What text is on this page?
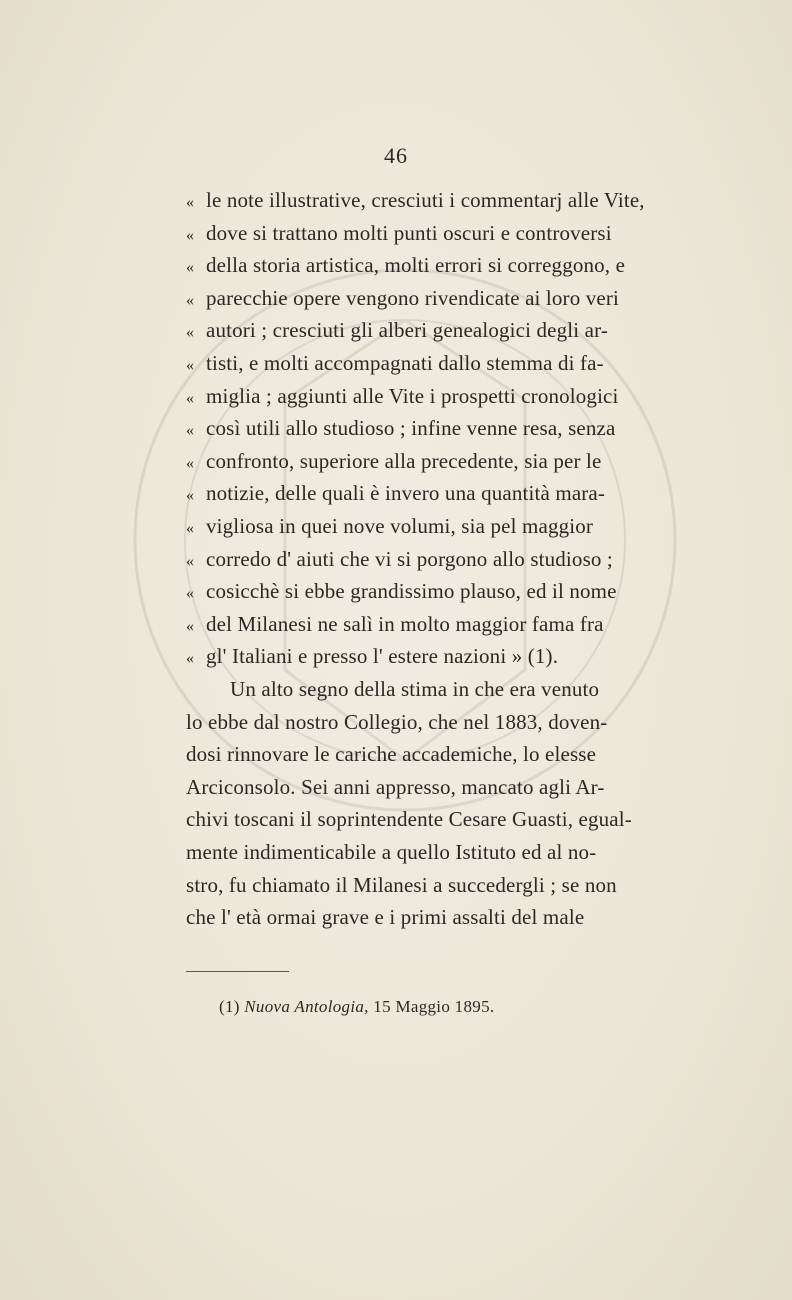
46
« le note illustrative, cresciuti i commentarj alle Vite,
« dove si trattano molti punti oscuri e controversi
« della storia artistica, molti errori si correggono, e
« parecchie opere vengono rivendicate ai loro veri
« autori ; cresciuti gli alberi genealogici degli ar-
« tisti, e molti accompagnati dallo stemma di fa-
« miglia ; aggiunti alle Vite i prospetti cronologici
« così utili allo studioso ; infine venne resa, senza
« confronto, superiore alla precedente, sia per le
« notizie, delle quali è invero una quantità mara-
« vigliosa in quei nove volumi, sia pel maggior
« corredo d' aiuti che vi si porgono allo studioso ;
« cosicchè si ebbe grandissimo plauso, ed il nome
« del Milanesi ne salì in molto maggior fama fra
« gl' Italiani e presso l' estere nazioni » (1).
Un alto segno della stima in che era venuto
lo ebbe dal nostro Collegio, che nel 1883, doven-
dosi rinnovare le cariche accademiche, lo elesse
Arciconsolo. Sei anni appresso, mancato agli Ar-
chivi toscani il soprintendente Cesare Guasti, egual-
mente indimenticabile a quello Istituto ed al no-
stro, fu chiamato il Milanesi a succedergli ; se non
che l' età ormai grave e i primi assalti del male
(1) Nuova Antologia, 15 Maggio 1895.
